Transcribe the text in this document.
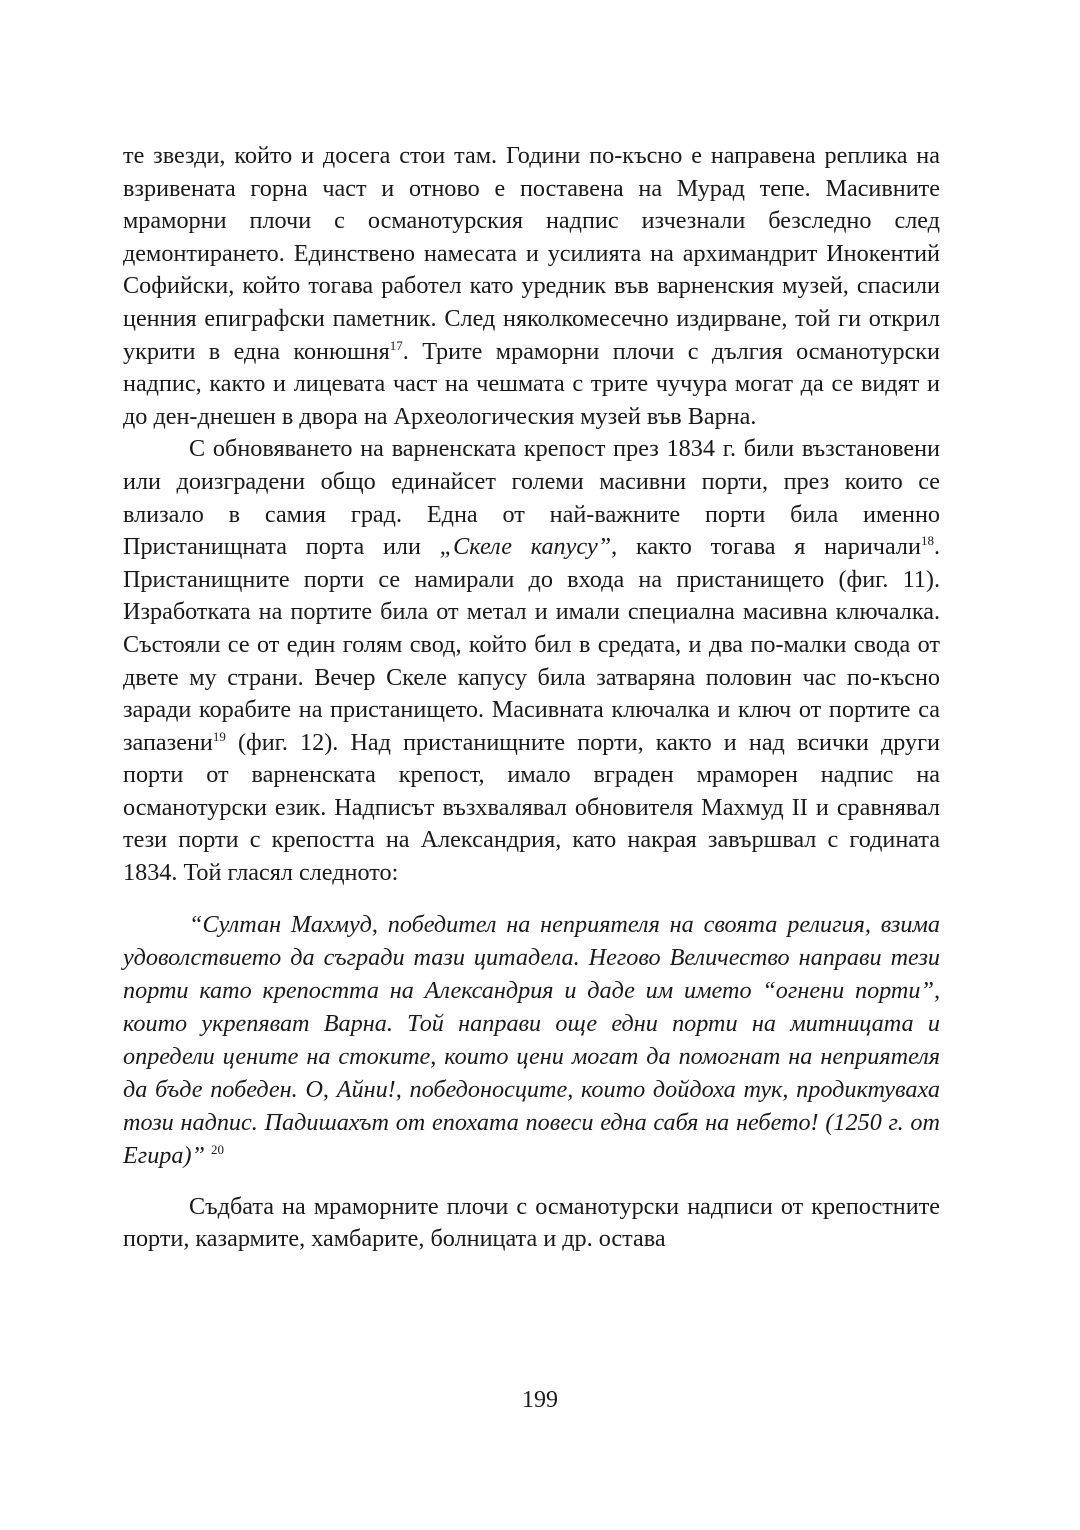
те звезди, който и досега стои там. Години по-късно е направена реплика на взривената горна част и отново е поставена на Мурад тепе. Масивните мраморни плочи с османотурския надпис изчезнали безследно след демонтирането. Единствено намесата и усилията на архимандрит Инокентий Софийски, който тогава работел като уредник във варненския музей, спасили ценния епиграфски паметник. След няколкомесечно издирване, той ги открил укрити в една конюшня$^{17}$. Трите мраморни плочи с дългия османотурски надпис, както и лицевата част на чешмата с трите чучура могат да се видят и до ден-днешен в двора на Археологическия музей във Варна.

С обновяването на варненската крепост през 1834 г. били възстановени или доизградени общо единайсет големи масивни порти, през които се влизало в самия град. Една от най-важните порти била именно Пристанищната порта или „Скеле капусу”, както тогава я наричали$^{18}$. Пристанищните порти се намирали до входа на пристанището (фиг. 11). Изработката на портите била от метал и имали специална масивна ключалка. Състояли се от един голям свод, който бил в средата, и два по-малки свода от двете му страни. Вечер Скеле капусу била затваряна половин час по-късно заради корабите на пристанището. Масивната ключалка и ключ от портите са запазени$^{19}$ (фиг. 12). Над пристанищните порти, както и над всички други порти от варненската крепост, имало вграден мраморен надпис на османотурски език. Надписът възхвалявал обновителя Махмуд II и сравнявал тези порти с крепостта на Александрия, като накрая завършвал с годината 1834. Той гласял следното:

“Султан Махмуд, победител на неприятеля на своята религия, взима удоволствието да съгради тази цитадела. Негово Величество направи тези порти като крепостта на Александрия и даде им името “огнени порти”, които укрепяват Варна. Той направи още едни порти на митницата и определи цените на стоките, които цени могат да помогнат на неприятеля да бъде победен. О, Айни!, победоносците, които дойдоха тук, продиктуваха този надпис. Падишахът от епохата повеси една сабя на небето! (1250 г. от Егира)” $^{20}$

Съдбата на мраморните плочи с османотурски надписи от крепостните порти, казармите, хамбарите, болницата и др. остава

199
